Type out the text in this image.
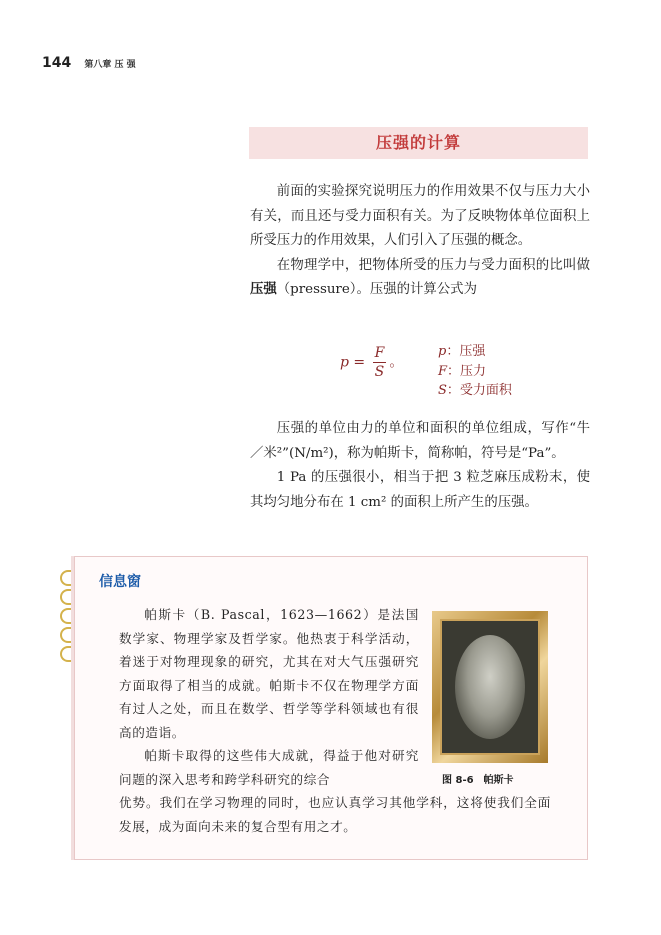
144 第八章 压 强
压强的计算

前面的实验探究说明压力的作用效果不仅与压力大小有关，而且还与受力面积有关。为了反映物体单位面积上所受压力的作用效果，人们引入了压强的概念。

在物理学中，把物体所受的压力与受力面积的比叫做压强（pressure）。压强的计算公式为

$p = \frac{F}{S}$ 。
p：压强
F：压力
S：受力面积

压强的单位由力的单位和面积的单位组成，写作“牛／米²”(N/m²)，称为帕斯卡，简称帕，符号是“Pa”。

1 Pa 的压强很小，相当于把 3 粒芝麻压成粉末，使其均匀地分布在 1 cm² 的面积上所产生的压强。

信息窗

帕斯卡（B. Pascal，1623—1662）是法国数学家、物理学家及哲学家。他热衷于科学活动，着迷于对物理现象的研究，尤其在对大气压强研究方面取得了相当的成就。帕斯卡不仅在物理学方面有过人之处，而且在数学、哲学等学科领域也有很高的造诣。

帕斯卡取得的这些伟大成就，得益于他对研究问题的深入思考和跨学科研究的综合

优势。我们在学习物理的同时，也应认真学习其他学科，这将使我们全面发展，成为面向未来的复合型有用之才。
图 8-6　帕斯卡
